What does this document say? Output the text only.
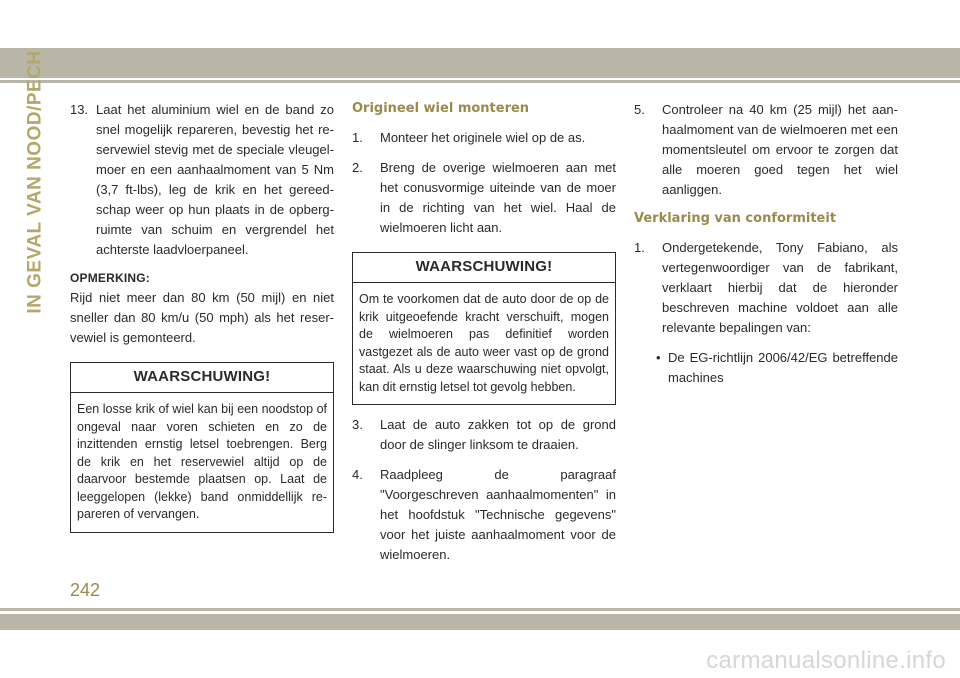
IN GEVAL VAN NOOD/PECH 13. Laat het aluminium wiel en de band zo snel mogelijk repareren, bevestig het reservewiel stevig met de speciale vleugelmoer en een aanhaalmoment van 5 Nm (3,7 ft-lbs), leg de krik en het gereedschap weer op hun plaats in de opbergruimte van schuim en vergrendel het achterste laadvloerpaneel.
OPMERKING:
Rijd niet meer dan 80 km (50 mijl) en niet sneller dan 80 km/u (50 mph) als het reservewiel is gemonteerd.
WAARSCHUWING!
Een losse krik of wiel kan bij een noodstop of ongeval naar voren schieten en zo de inzittenden ernstig letsel toebrengen. Berg de krik en het reservewiel altijd op de daarvoor bestemde plaatsen op. Laat de leeggelopen (lekke) band onmiddellijk repareren of vervangen.
Origineel wiel monteren
1.	Monteer het originele wiel op de as.
2.	Breng de overige wielmoeren aan met het conusvormige uiteinde van de moer in de richting van het wiel. Haal de wielmoeren licht aan.
WAARSCHUWING!
Om te voorkomen dat de auto door de op de krik uitgeoefende kracht verschuift, mogen de wielmoeren pas definitief worden vastgezet als de auto weer vast op de grond staat. Als u deze waarschuwing niet opvolgt, kan dit ernstig letsel tot gevolg hebben.
3.	Laat de auto zakken tot op de grond door de slinger linksom te draaien.
4.	Raadpleeg de paragraaf "Voorgeschreven aanhaalmomenten" in het hoofdstuk "Technische gegevens" voor het juiste aanhaalmoment voor de wielmoeren.
5.	Controleer na 40 km (25 mijl) het aanhaalmoment van de wielmoeren met een momentsleutel om ervoor te zorgen dat alle moeren goed tegen het wiel aanliggen.
Verklaring van conformiteit
1.	Ondergetekende, Tony Fabiano, als vertegenwoordiger van de fabrikant, verklaart hierbij dat de hieronder beschreven machine voldoet aan alle relevante bepalingen van:
• De EG-richtlijn 2006/42/EG betreffende machines
242
carmanualsonline.info
